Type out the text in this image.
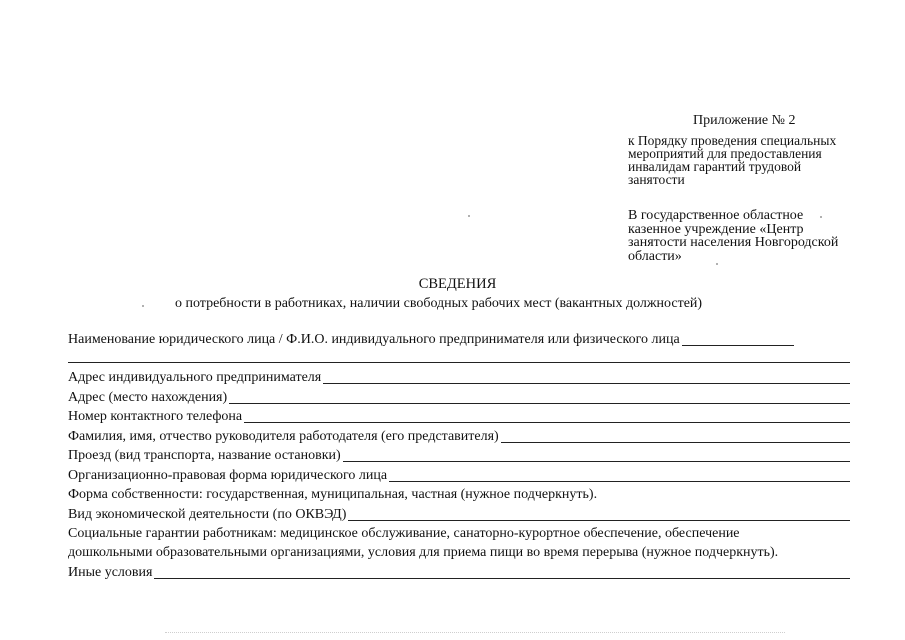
Приложение № 2
к Порядку проведения специальных
мероприятий для предоставления
инвалидам гарантий трудовой
занятости
В государственное областное
казенное учреждение «Центр
занятости населения Новгородской
области»
СВЕДЕНИЯ
о потребности в работниках, наличии свободных рабочих мест (вакантных должностей)
Наименование юридического лица / Ф.И.О. индивидуального предпринимателя или физического лица
Адрес индивидуального предпринимателя
Адрес (место нахождения)
Номер контактного телефона
Фамилия, имя, отчество руководителя работодателя (его представителя)
Проезд (вид транспорта, название остановки)
Организационно-правовая форма юридического лица
Форма собственности: государственная, муниципальная, частная (нужное подчеркнуть).
Вид экономической деятельности (по ОКВЭД)
Социальные гарантии работникам: медицинское обслуживание, санаторно-курортное обеспечение, обеспечение
дошкольными образовательными организациями, условия для приема пищи во время перерыва (нужное подчеркнуть).
Иные условия
